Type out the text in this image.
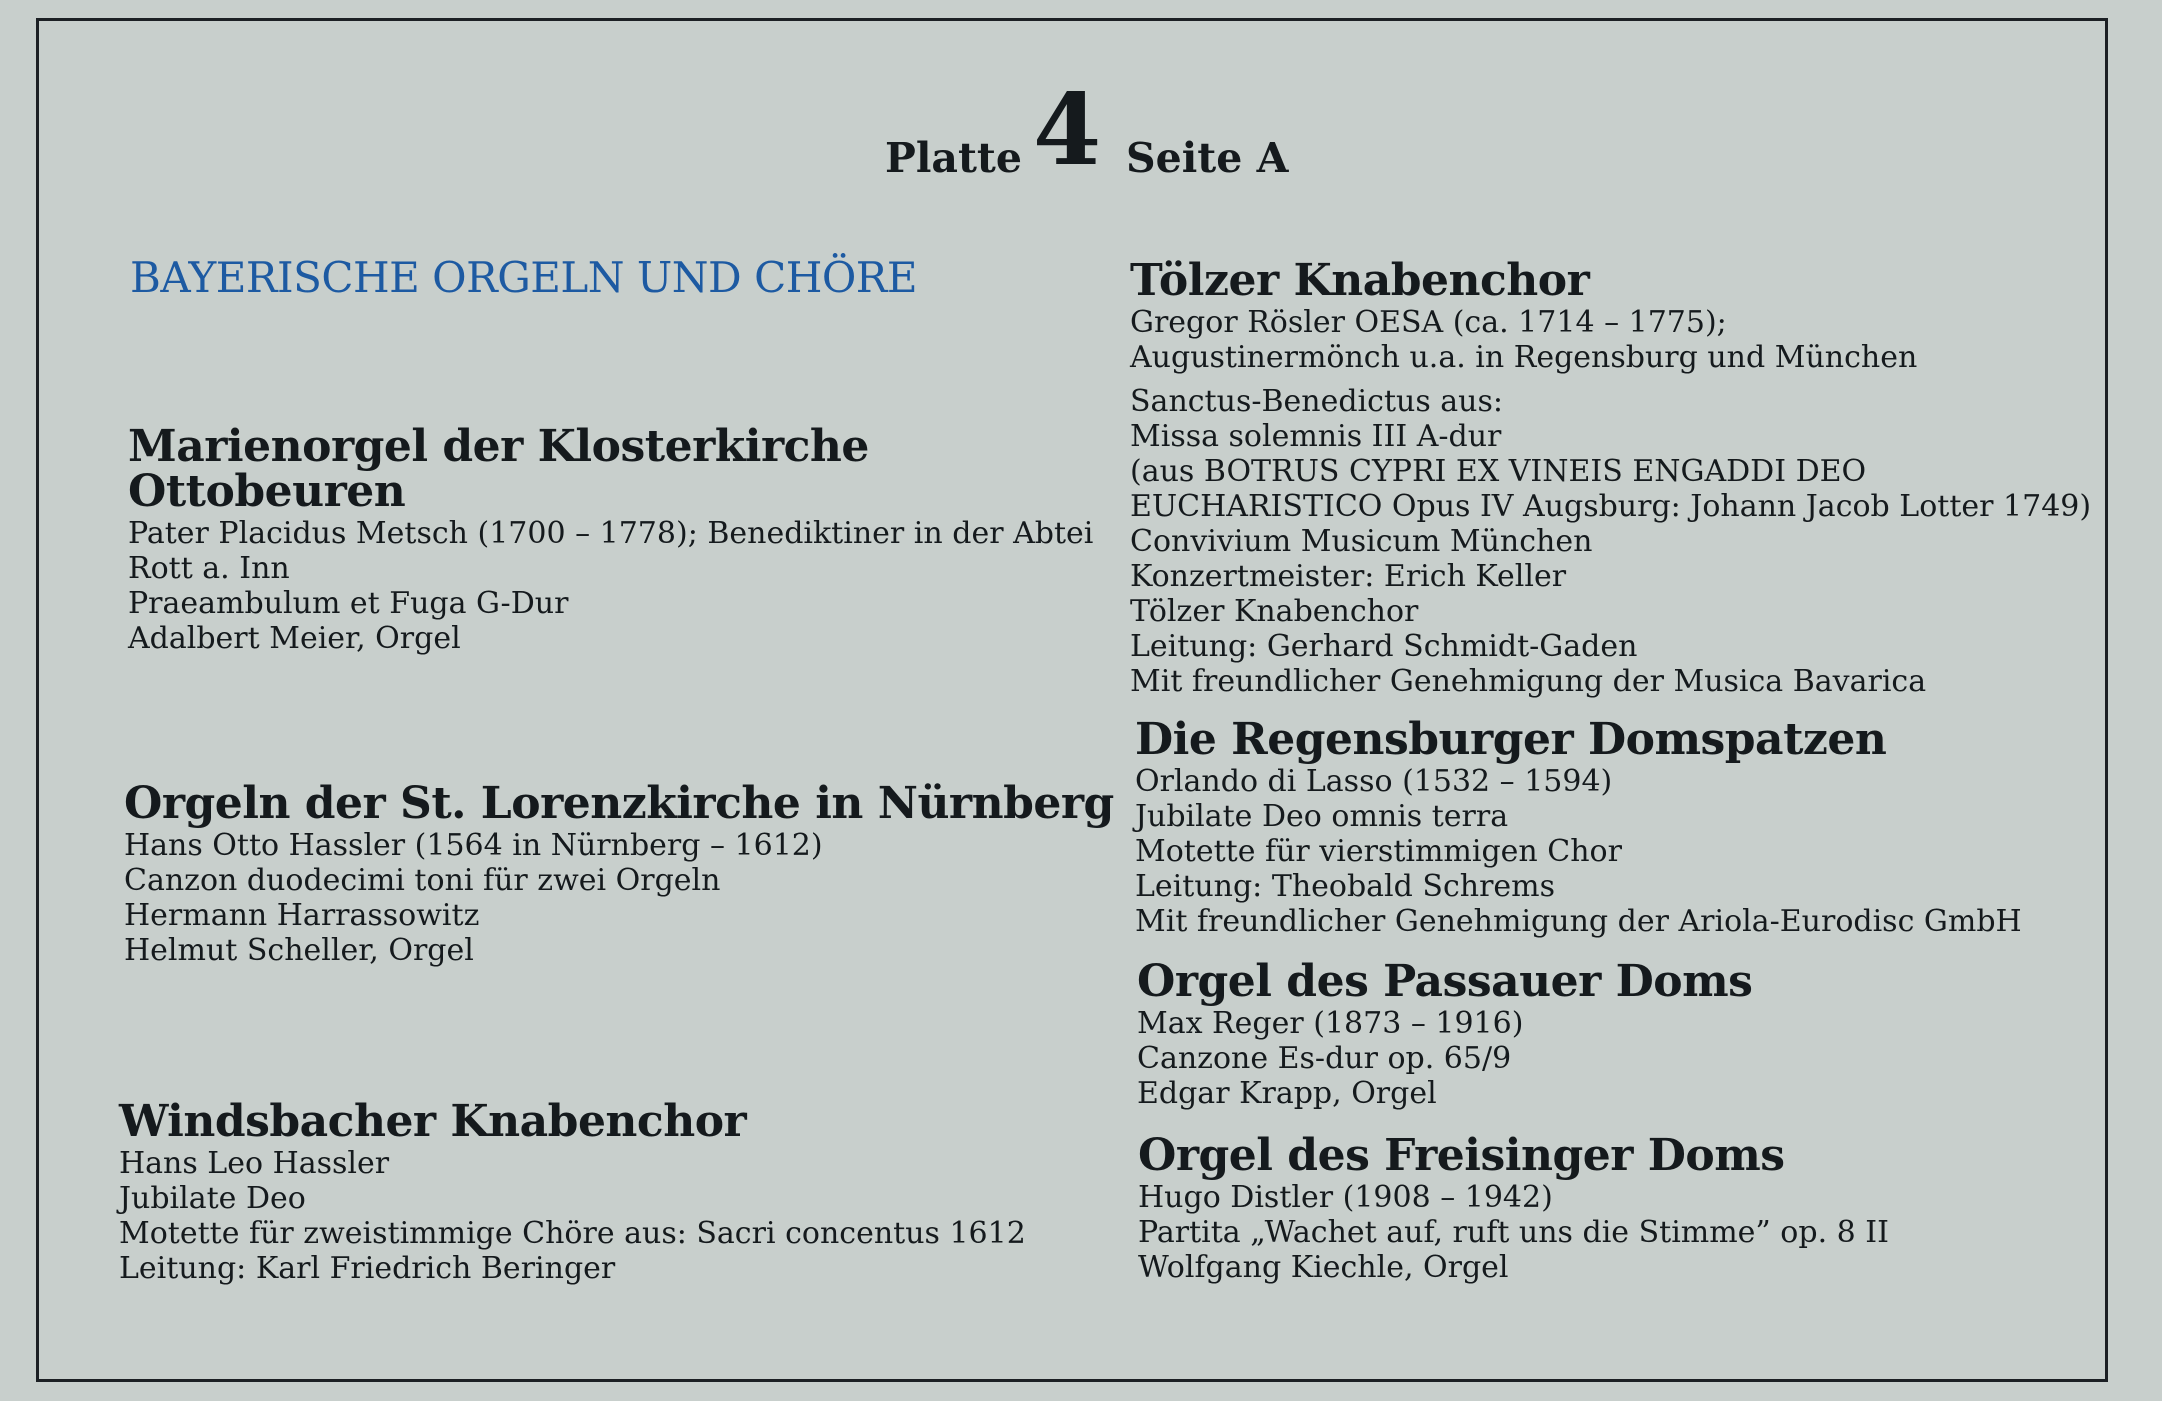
Platte 4 Seite A
BAYERISCHE ORGELN UND CHÖRE
Marienorgel der Klosterkirche
Ottobeuren
Pater Placidus Metsch (1700 – 1778); Benediktiner in der Abtei
Rott a. Inn
Praeambulum et Fuga G-Dur
Adalbert Meier, Orgel
Orgeln der St. Lorenzkirche in Nürnberg
Hans Otto Hassler (1564 in Nürnberg – 1612)
Canzon duodecimi toni für zwei Orgeln
Hermann Harrassowitz
Helmut Scheller, Orgel
Windsbacher Knabenchor
Hans Leo Hassler
Jubilate Deo
Motette für zweistimmige Chöre aus: Sacri concentus 1612
Leitung: Karl Friedrich Beringer
Tölzer Knabenchor
Gregor Rösler OESA (ca. 1714 – 1775);
Augustinermönch u.a. in Regensburg und München
Sanctus-Benedictus aus:
Missa solemnis III A-dur
(aus BOTRUS CYPRI EX VINEIS ENGADDI DEO
EUCHARISTICO Opus IV Augsburg: Johann Jacob Lotter 1749)
Convivium Musicum München
Konzertmeister: Erich Keller
Tölzer Knabenchor
Leitung: Gerhard Schmidt-Gaden
Mit freundlicher Genehmigung der Musica Bavarica
Die Regensburger Domspatzen
Orlando di Lasso (1532 – 1594)
Jubilate Deo omnis terra
Motette für vierstimmigen Chor
Leitung: Theobald Schrems
Mit freundlicher Genehmigung der Ariola-Eurodisc GmbH
Orgel des Passauer Doms
Max Reger (1873 – 1916)
Canzone Es-dur op. 65/9
Edgar Krapp, Orgel
Orgel des Freisinger Doms
Hugo Distler (1908 – 1942)
Partita „Wachet auf, ruft uns die Stimme” op. 8 II
Wolfgang Kiechle, Orgel
